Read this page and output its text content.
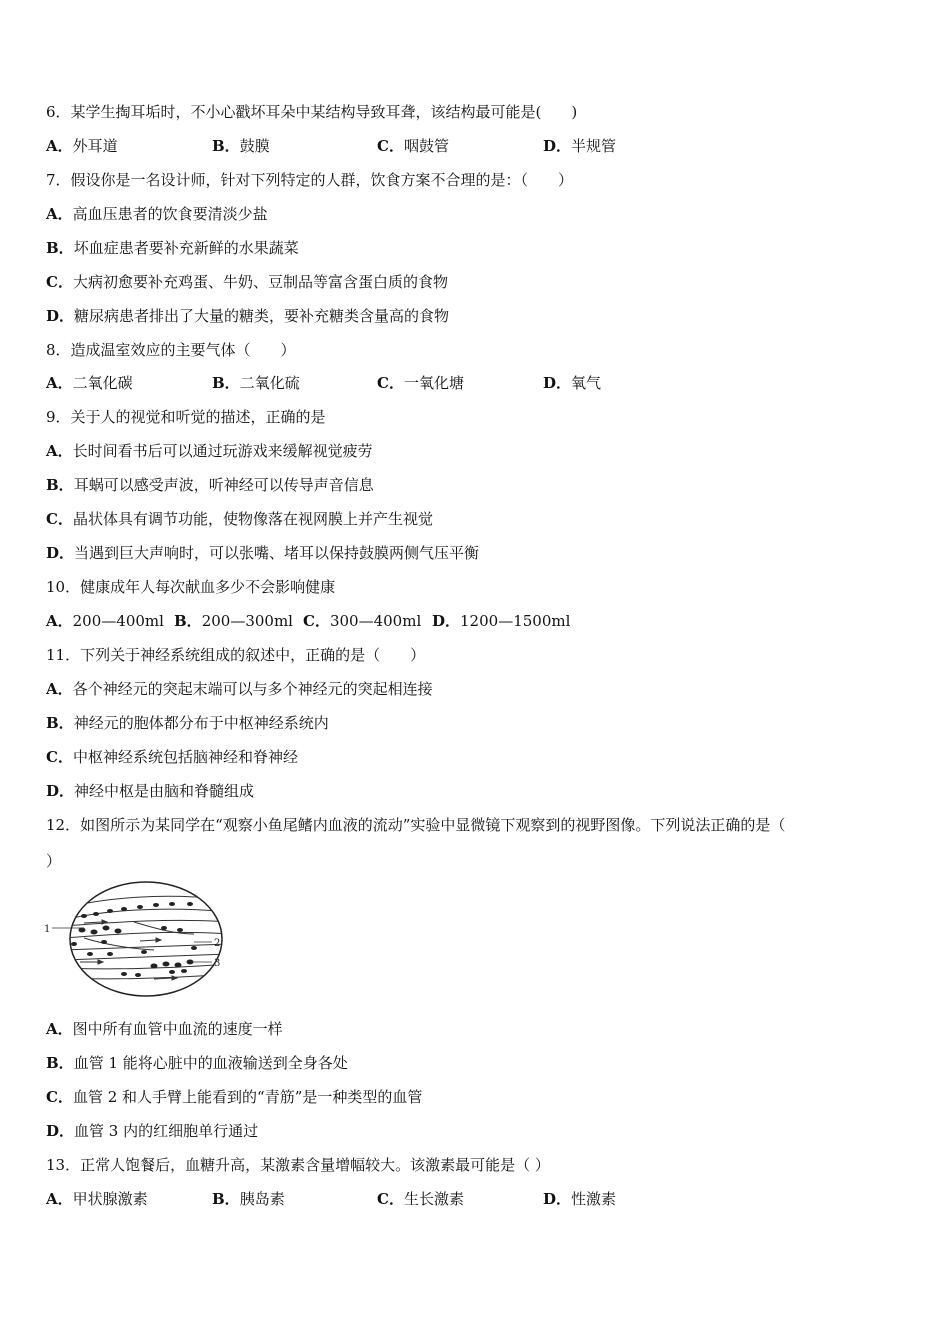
6．某学生掏耳垢时，不小心戳坏耳朵中某结构导致耳聋，该结构最可能是(　　)
A．外耳道	B．鼓膜	C．咽鼓管	D．半规管
7．假设你是一名设计师，针对下列特定的人群，饮食方案不合理的是：（　　）
A．高血压患者的饮食要清淡少盐
B．坏血症患者要补充新鲜的水果蔬菜
C．大病初愈要补充鸡蛋、牛奶、豆制品等富含蛋白质的食物
D．糖尿病患者排出了大量的糖类，要补充糖类含量高的食物
8．造成温室效应的主要气体（　　）
A．二氧化碳	B．二氧化硫	C．一氧化塘	D．氧气
9．关于人的视觉和听觉的描述，正确的是
A．长时间看书后可以通过玩游戏来缓解视觉疲劳
B．耳蜗可以感受声波，听神经可以传导声音信息
C．晶状体具有调节功能，使物像落在视网膜上并产生视觉
D．当遇到巨大声响时，可以张嘴、堵耳以保持鼓膜两侧气压平衡
10．健康成年人每次献血多少不会影响健康
A．200—400ml B．200—300ml C．300—400ml D．1200—1500ml
11．下列关于神经系统组成的叙述中，正确的是（　　）
A．各个神经元的突起末端可以与多个神经元的突起相连接
B．神经元的胞体都分布于中枢神经系统内
C．中枢神经系统包括脑神经和脊神经
D．神经中枢是由脑和脊髓组成
12．如图所示为某同学在“观察小鱼尾鳍内血液的流动”实验中显微镜下观察到的视野图像。下列说法正确的是（
）
1
2
3
A．图中所有血管中血流的速度一样
B．血管 1 能将心脏中的血液输送到全身各处
C．血管 2 和人手臂上能看到的“青筋”是一种类型的血管
D．血管 3 内的红细胞单行通过
13．正常人饱餐后，血糖升高，某激素含量增幅较大。该激素最可能是（ ）
A．甲状腺激素	B．胰岛素	C．生长激素	D．性激素
